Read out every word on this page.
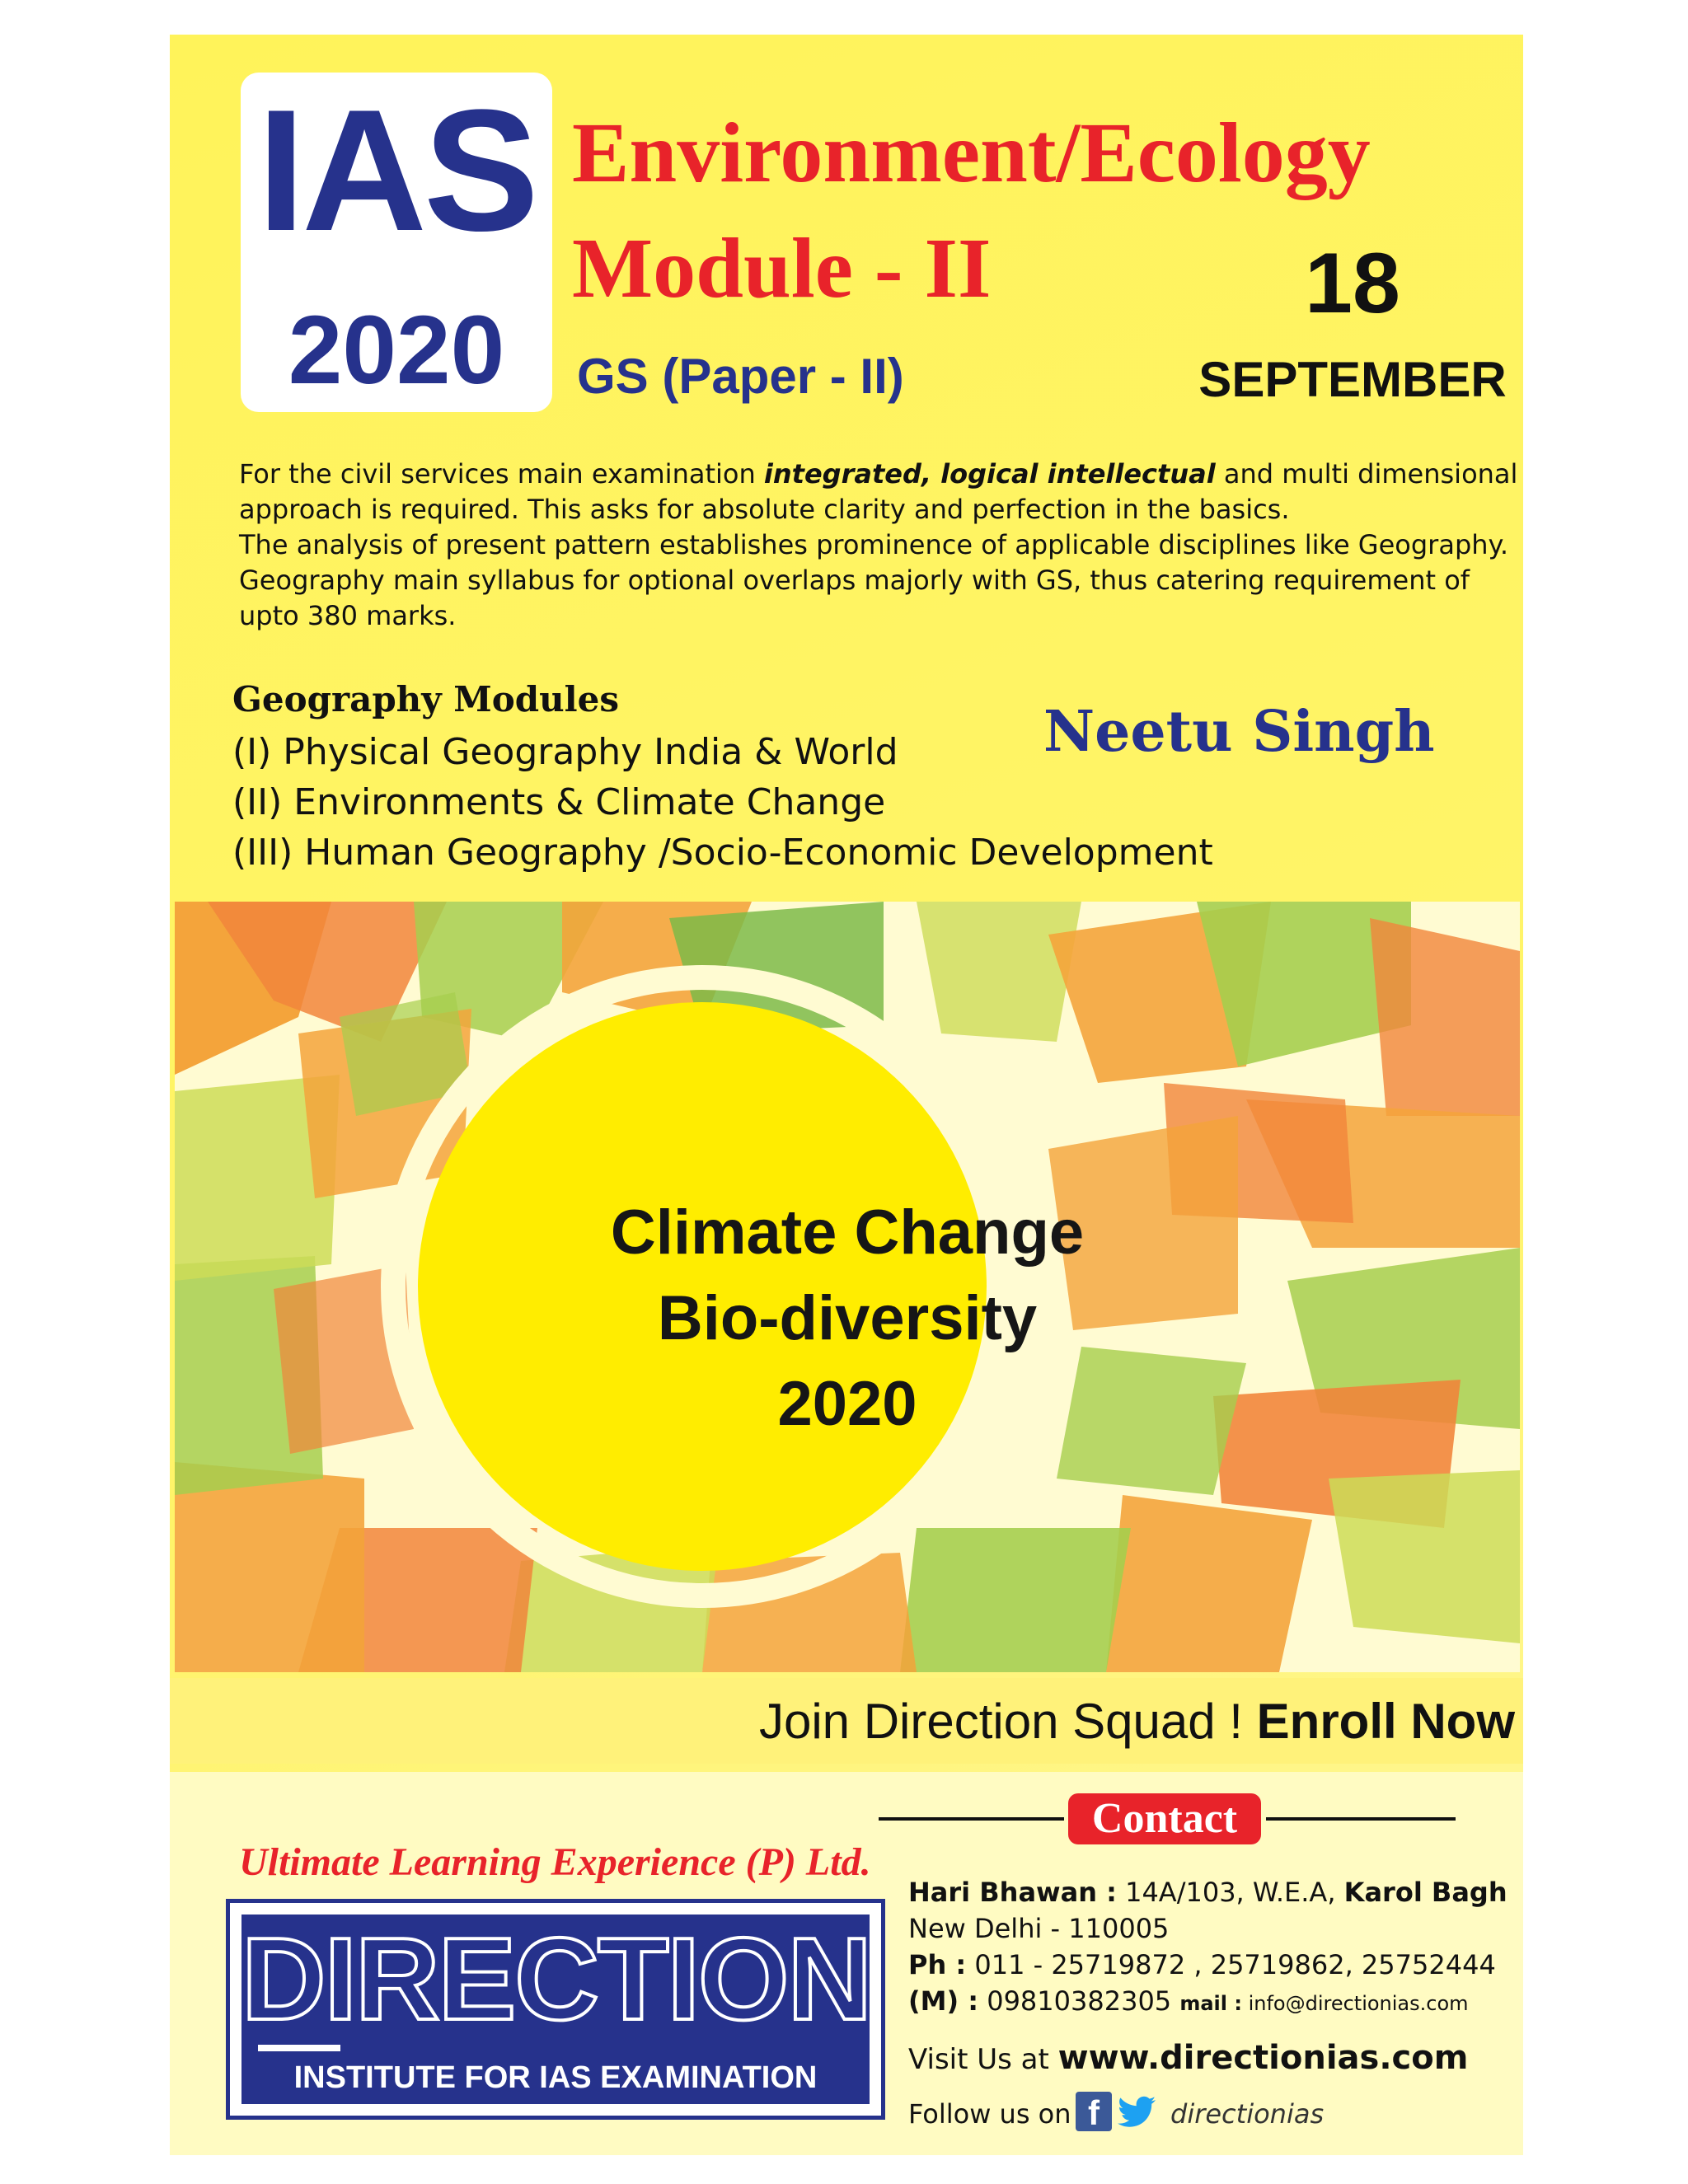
IAS
2020
Environment/Ecology
Module - II
GS (Paper - II)
18
SEPTEMBER

For the civil services main examination integrated, logical intellectual and multi dimensional

approach is required. This asks for absolute clarity and perfection in the basics.

The analysis of present pattern establishes prominence of applicable disciplines like Geography.

Geography main syllabus for optional overlaps majorly with GS, thus catering requirement of

upto 380 marks.

Geography Modules
(I) Physical Geography India & World
(II) Environments & Climate Change
(III) Human Geography /Socio-Economic Development
Neetu Singh
Climate Change
Bio-diversity
2020
Join Direction Squad ! Enroll Now
Contact
Ultimate Learning Experience (P) Ltd.
DIRECTION
INSTITUTE FOR IAS EXAMINATION

Hari Bhawan : 14A/103, W.E.A, Karol Bagh

New Delhi - 110005

Ph : 011 - 25719872 , 25719862, 25752444

(M) : 09810382305 mail : info@directionias.com

Visit Us at www.directionias.com
Follow us on f	directionias
